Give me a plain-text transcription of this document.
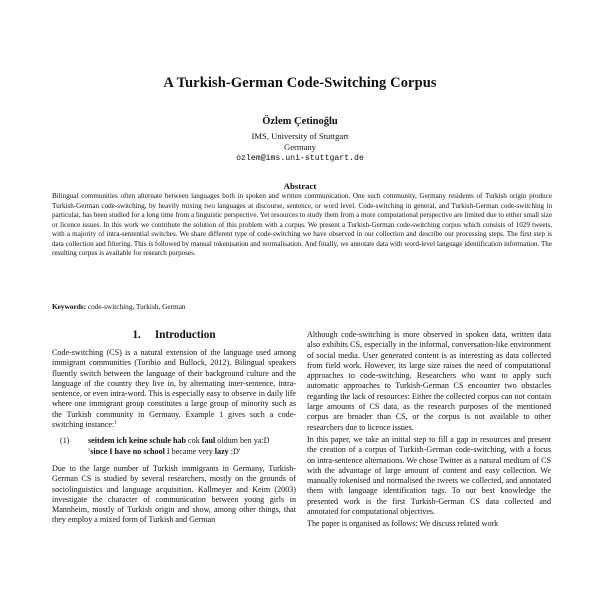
A Turkish-German Code-Switching Corpus
Özlem Çetinoğlu
IMS, University of Stuttgart
Germany
ozlem@ims.uni-stuttgart.de
Abstract
Bilingual communities often alternate between languages both in spoken and written communication. One such community, Germany residents of Turkish origin produce Turkish-German code-switching, by heavily mixing two languages at discourse, sentence, or word level. Code-switching in general, and Turkish-German code-switching in particular, has been studied for a long time from a linguistic perspective. Yet resources to study them from a more computational perspective are limited due to either small size or licence issues. In this work we contribute the solution of this problem with a corpus. We present a Turkish-German code-switching corpus which consists of 1029 tweets, with a majority of intra-sentential switches. We share different type of code-switching we have observed in our collection and describe our processing steps. The first step is data collection and filtering. This is followed by manual tokenisation and normalisation. And finally, we annotate data with word-level language identification information. The resulting corpus is available for research purposes.
Keywords: code-switching, Turkish, German
1. Introduction

Code-switching (CS) is a natural extension of the language used among immigrant communities (Toribio and Bullock, 2012). Bilingual speakers fluently switch between the language of their background culture and the language of the country they live in, by alternating inter-sentence, intra-sentence, or even intra-word. This is especially easy to observe in daily life where one immigrant group constitutes a large group of minority such as the Turkish community in Germany. Example 1 gives such a code-switching instance:$^1$

(1)	seitdem ich keine schule hab cok faul oldum ben ya:D
'since I have no school I became very lazy :D'

Due to the large number of Turkish immigrants in Germany, Turkish-German CS is studied by several researchers, mostly on the grounds of sociolinguistics and language acquisition. Kallmeyer and Keim (2003) investigate the character of communication between young girls in Mannheim, mostly of Turkish origin and show, among other things, that they employ a mixed form of Turkish and German

Although code-switching is more observed in spoken data, written data also exhibits CS, especially in the informal, conversation-like environment of social media. User generated content is as interesting as data collected from field work. However, its large size raises the need of computational approaches to code-switching. Researchers who want to apply such automatic approaches to Turkish-German CS encounter two obstacles regarding the lack of resources: Either the collected corpus can not contain large amounts of CS data, as the research purposes of the mentioned corpus are broader than CS, or the corpus is not available to other researchers due to licence issues.

In this paper, we take an initial step to fill a gap in resources and present the creation of a corpus of Turkish-German code-switching, with a focus on intra-sentence alternations. We chose Twitter as a natural medium of CS with the advantage of large amount of content and easy collection. We manually tokenised and normalised the tweets we collected, and annotated them with language identification tags. To our best knowledge the presented work is the first Turkish-German CS data collected and annotated for computational objectives.

The paper is organised as follows: We discuss related work
